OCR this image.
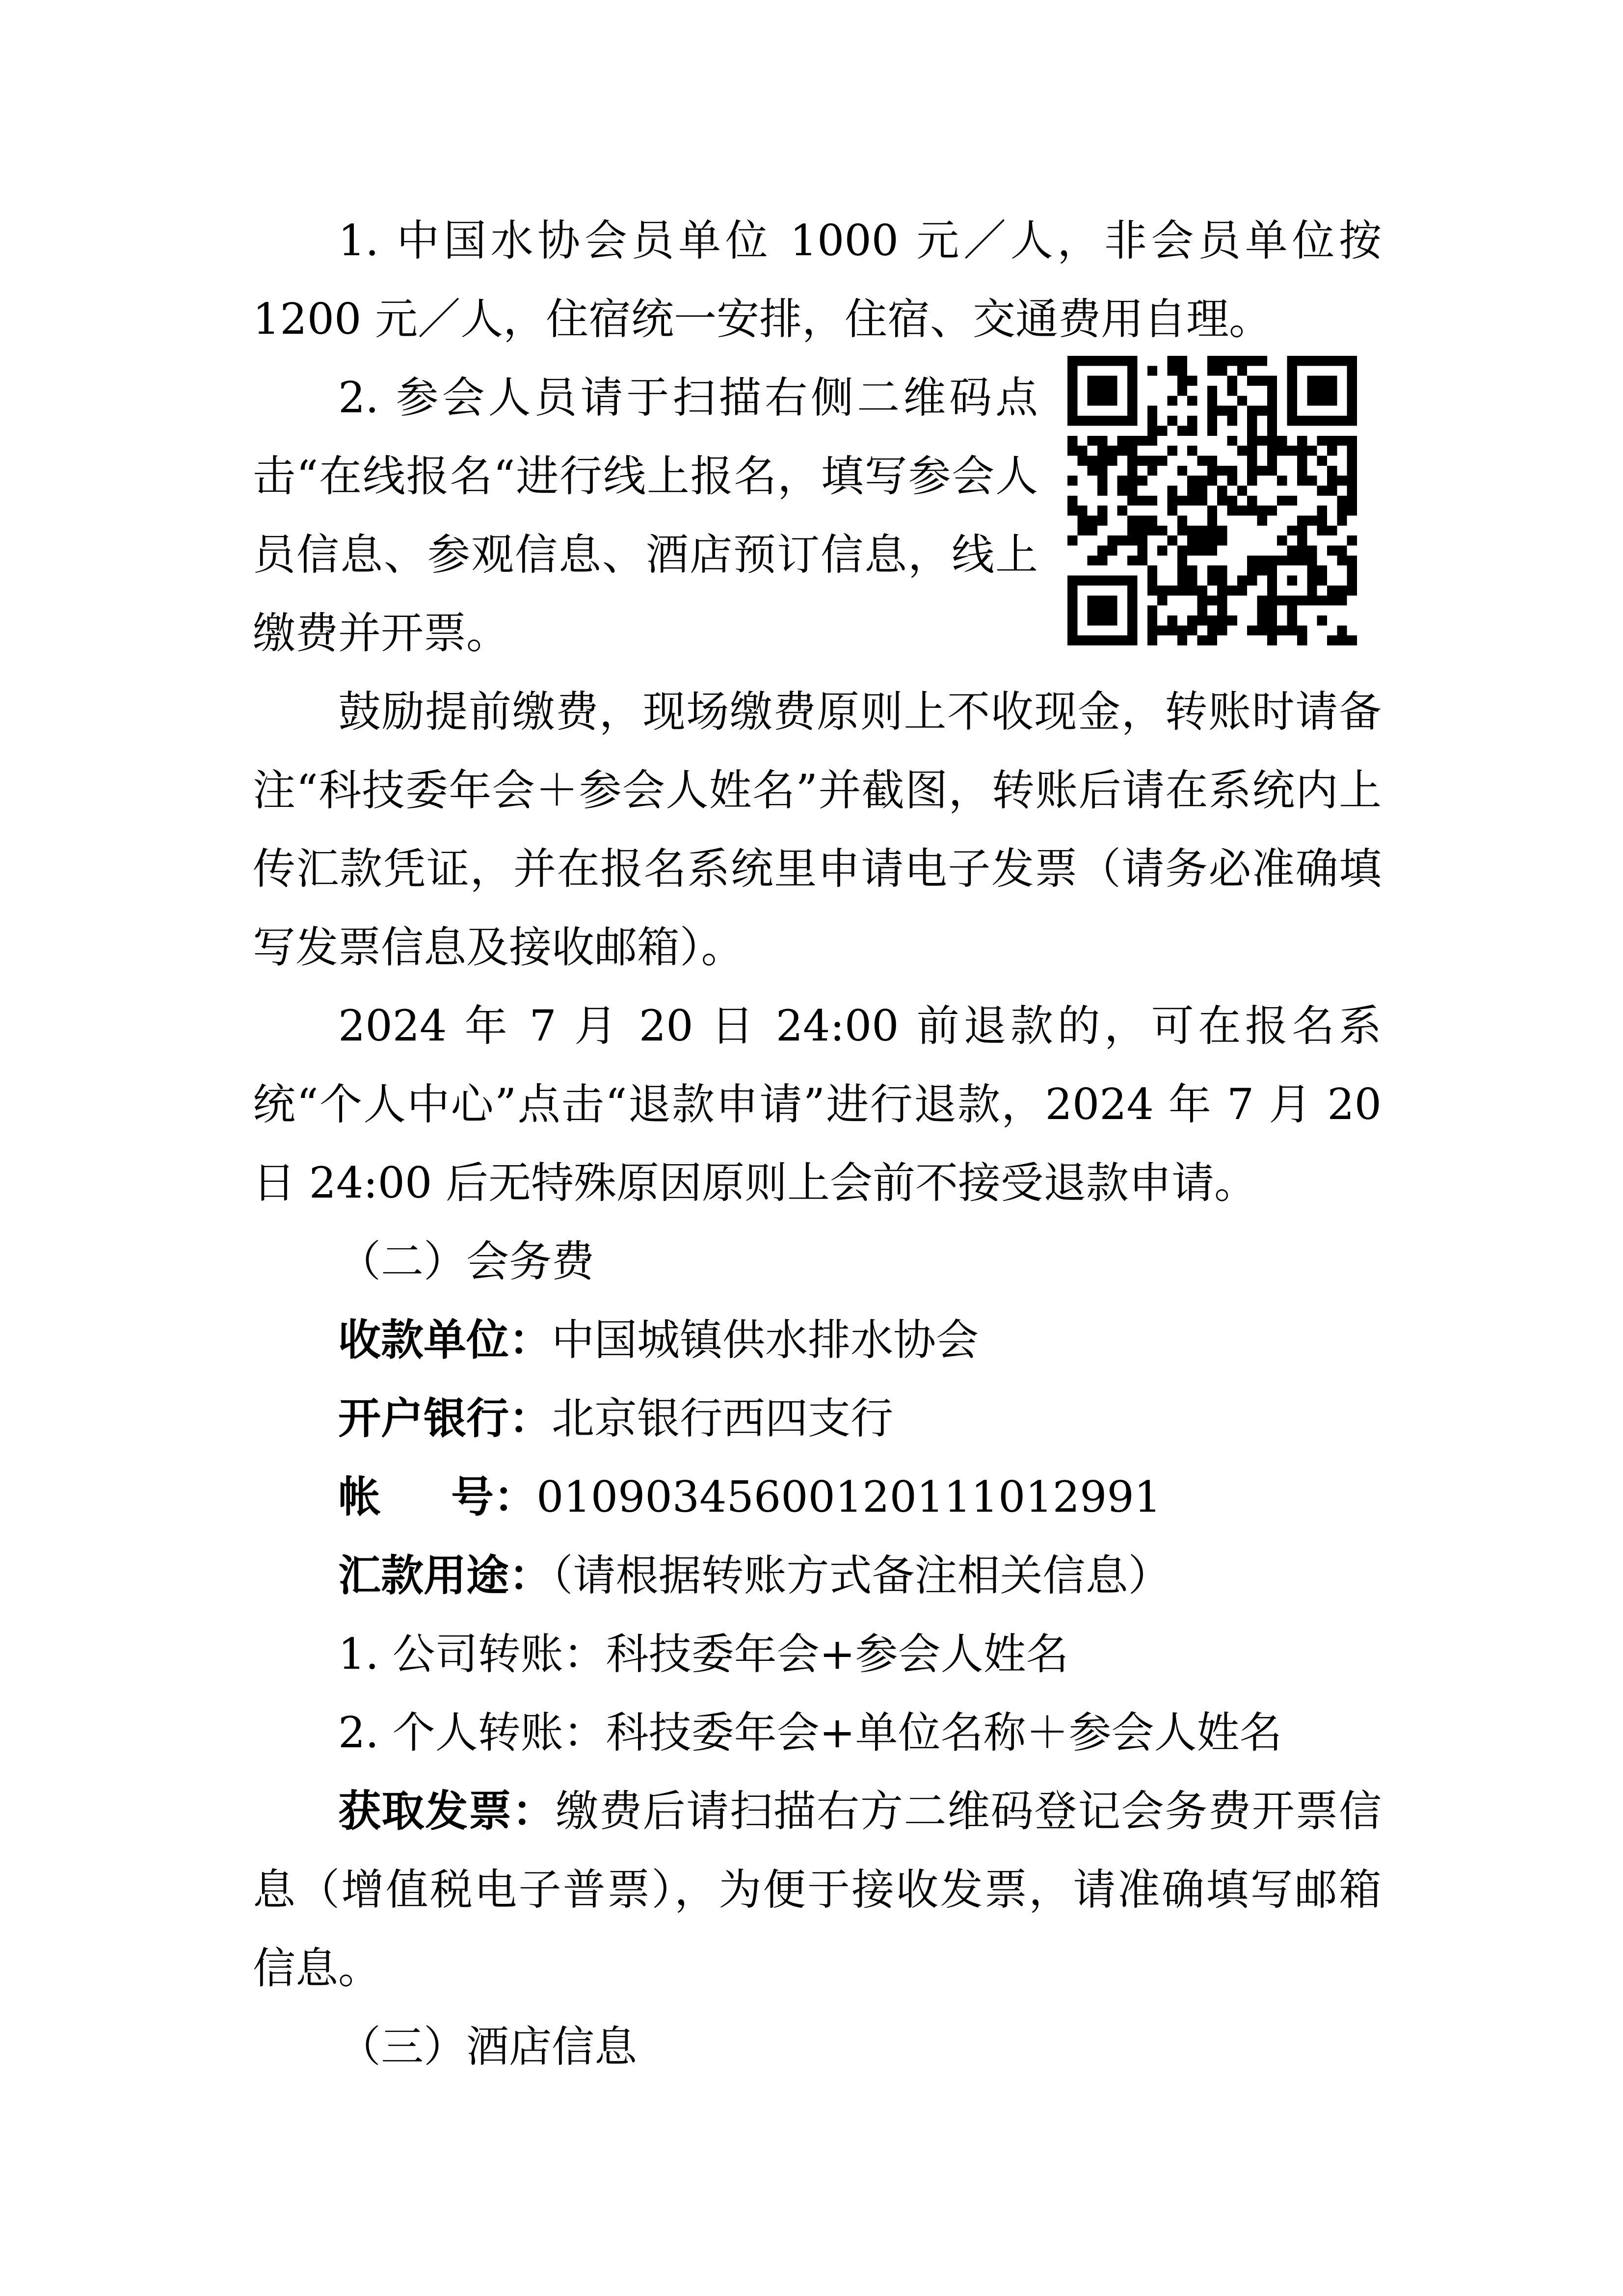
1. 中国水协会员单位 1000 元／人，非会员单位按 1200 元／人，住宿统一安排，住宿、交通费用自理。

2. 参会人员请于扫描右侧二维码点击“在线报名“进行线上报名，填写参会人员信息、参观信息、酒店预订信息，线上缴费并开票。

鼓励提前缴费，现场缴费原则上不收现金，转账时请备注“科技委年会＋参会人姓名”并截图，转账后请在系统内上传汇款凭证，并在报名系统里申请电子发票（请务必准确填写发票信息及接收邮箱）。

2024 年 7 月 20 日 24:00 前退款的，可在报名系统“个人中心”点击“退款申请”进行退款，2024 年 7 月 20 日 24:00 后无特殊原因原则上会前不接受退款申请。

（二）会务费

收款单位：中国城镇供水排水协会

开户银行：北京银行西四支行

帐 号： 01090345600120111012991

汇款用途：（请根据转账方式备注相关信息）

1. 公司转账：科技委年会+参会人姓名

2. 个人转账：科技委年会+单位名称＋参会人姓名

获取发票：缴费后请扫描右方二维码登记会务费开票信息（增值税电子普票），为便于接收发票，请准确填写邮箱信息。

（三）酒店信息
